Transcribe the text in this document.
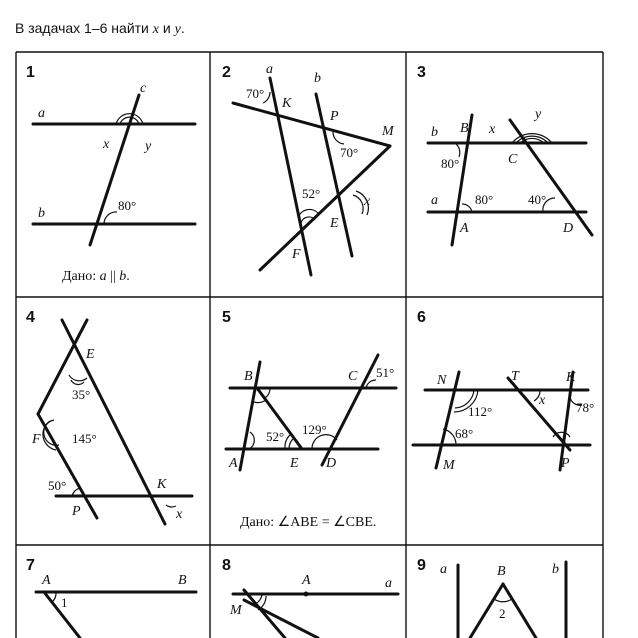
В задачах 1–6 найти x и y.
1
c
a
x	y
b
80°
Дано: a || b.
2	a
b
70°
K
P
M
70°
52°
x
E
F
3
b B x
y
80°	C
a	80°	40°
A	D
4
E
35°
F 145°
50°	K
P	x
5
B	C 51°
52° 129°
A	E D
Дано: ∠ABE = ∠CBE.
6
N	T	K
x 78°
112°
68°
M	P
7
A	B
1
8
A	a
M
9 a	B	b
2
